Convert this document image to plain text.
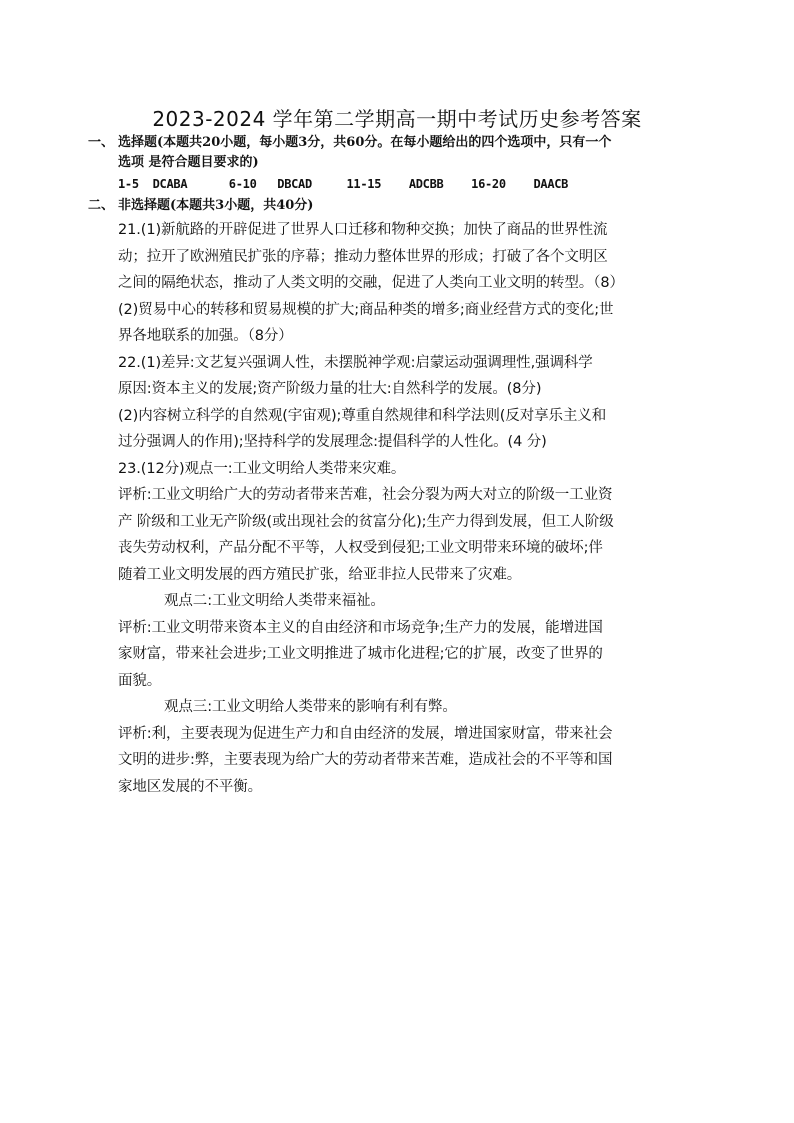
2023-2024 学年第二学期高一期中考试历史参考答案
一、 选择题(本题共20小题，每小题3分，共60分。在每小题给出的四个选项中，只有一个
选项 是符合题目要求的)
1-5  DCABA      6-10   DBCAD     11-15    ADCBB    16-20    DAACB
二、 非选择题(本题共3小题，共40分)
21.(1)新航路的开辟促进了世界人口迁移和物种交换；加快了商品的世界性流
动；拉开了欧洲殖民扩张的序幕；推动力整体世界的形成；打破了各个文明区
之间的隔绝状态，推动了人类文明的交融，促进了人类向工业文明的转型。（8）
(2)贸易中心的转移和贸易规模的扩大;商品种类的增多;商业经营方式的变化;世
界各地联系的加强。（8分）
22.(1)差异:文艺复兴强调人性，未摆脱神学观:启蒙运动强调理性,强调科学
原因:资本主义的发展;资产阶级力量的壮大:自然科学的发展。(8分)
(2)内容树立科学的自然观(宇宙观);尊重自然规律和科学法则(反对享乐主义和
过分强调人的作用);坚持科学的发展理念:提倡科学的人性化。(4 分)
23.(12分)观点一:工业文明给人类带来灾难。
评析:工业文明给广大的劳动者带来苦难，社会分裂为两大对立的阶级一工业资
产 阶级和工业无产阶级(或出现社会的贫富分化);生产力得到发展，但工人阶级
丧失劳动权利，产品分配不平等，人权受到侵犯;工业文明带来环境的破坏;伴
随着工业文明发展的西方殖民扩张，给亚非拉人民带来了灾难。
观点二:工业文明给人类带来福祉。
评析:工业文明带来资本主义的自由经济和市场竞争;生产力的发展，能增进国
家财富，带来社会进步;工业文明推进了城市化进程;它的扩展，改变了世界的
面貌。
观点三:工业文明给人类带来的影响有利有弊。
评析:利，主要表现为促进生产力和自由经济的发展，增进国家财富，带来社会
文明的进步:弊，主要表现为给广大的劳动者带来苦难，造成社会的不平等和国
家地区发展的不平衡。
